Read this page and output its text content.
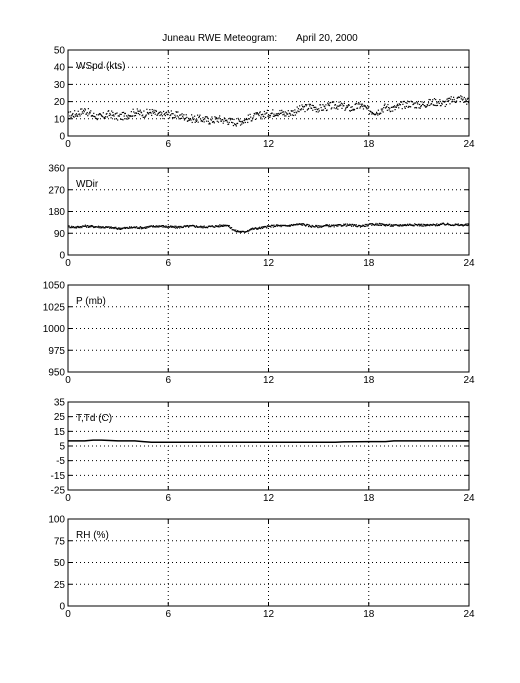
Juneau RWE Meteogram:       April 20, 2000
0	6	12	18	24
0
10
20
30
40
50
WSpd (kts)
0	6	12	18	24
0
90
180
270
360
WDir
0	6	12	18	24
950
975
1000
1025
1050
P (mb)
0	6	12	18	24
-25
-15
-5
5
15
25
35
T,Td (C)
0	6	12	18	24
0
25
50
75
100
RH (%)
